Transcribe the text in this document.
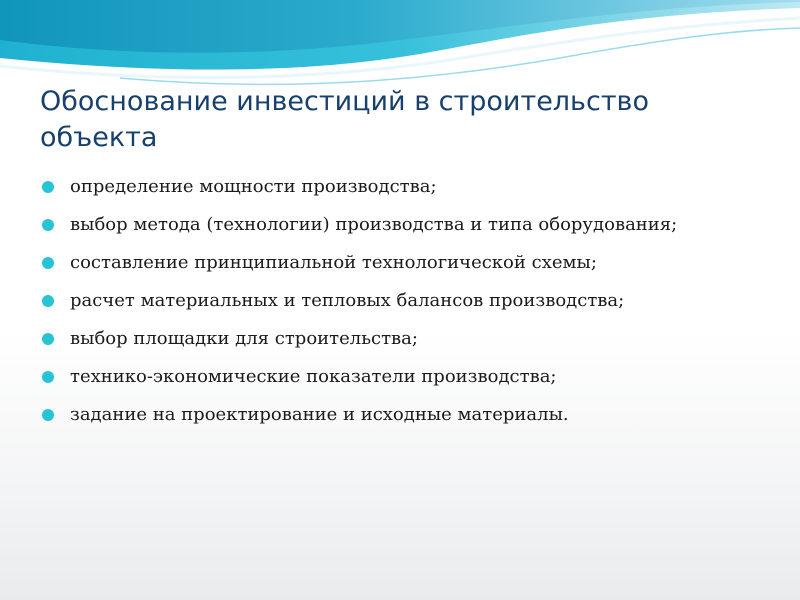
Обоснование инвестиций в строительство объекта
определение мощности производства;
выбор метода (технологии) производства и типа оборудования;
составление принципиальной технологической схемы;
расчет материальных и тепловых балансов производства;
выбор площадки для строительства;
технико-экономические показатели производства;
задание на проектирование и исходные материалы.
